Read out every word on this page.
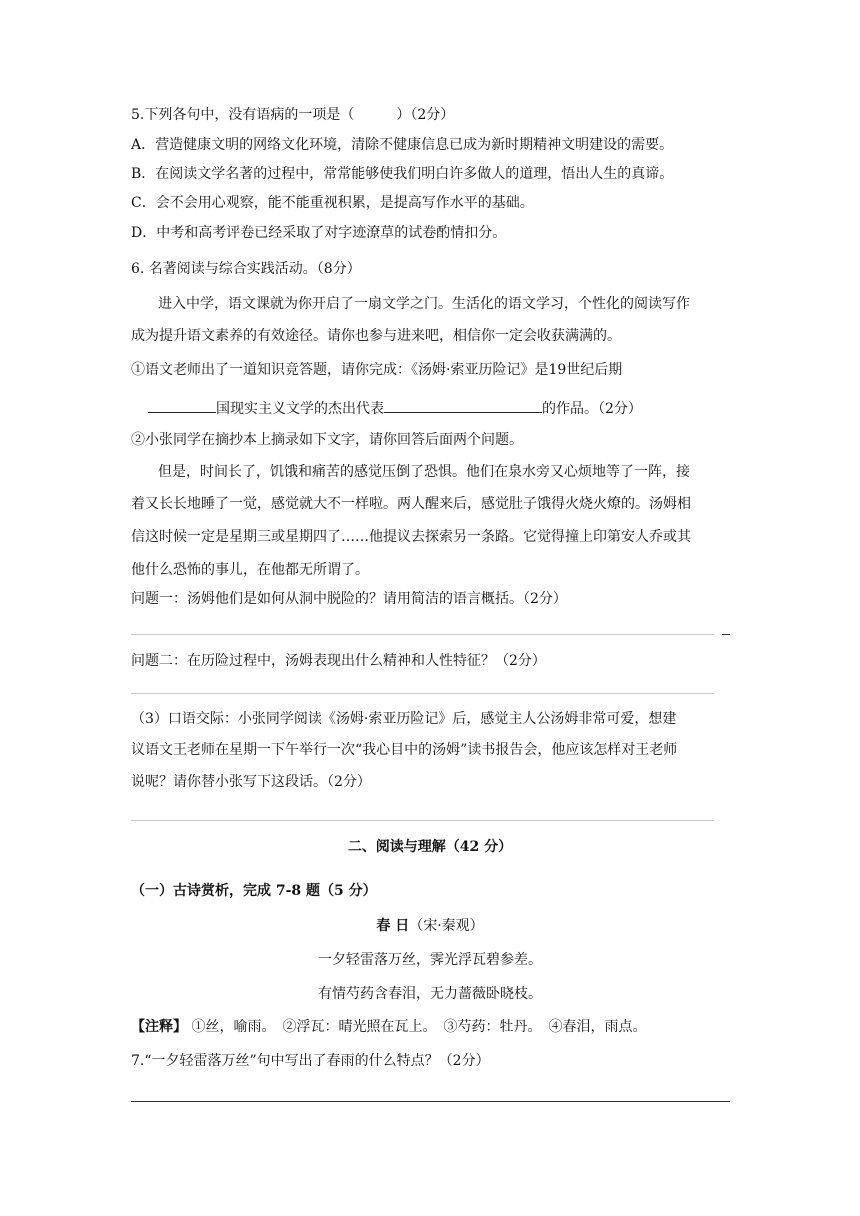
5.下列各句中，没有语病的一项是（　　　）（2分）
A．营造健康文明的网络文化环境，清除不健康信息已成为新时期精神文明建设的需要。
B．在阅读文学名著的过程中，常常能够使我们明白许多做人的道理，悟出人生的真谛。
C．会不会用心观察，能不能重视积累，是提高写作水平的基础。
D．中考和高考评卷已经采取了对字迹潦草的试卷酌情扣分。
6. 名著阅读与综合实践活动。（8分）
进入中学，语文课就为你开启了一扇文学之门。生活化的语文学习，个性化的阅读写作
成为提升语文素养的有效途径。请你也参与进来吧，相信你一定会收获满满的。
①语文老师出了一道知识竞答题，请你完成：《汤姆·索亚历险记》是19世纪后期
国现实主义文学的杰出代表	的作品。（2分）
②小张同学在摘抄本上摘录如下文字，请你回答后面两个问题。
但是，时间长了，饥饿和痛苦的感觉压倒了恐惧。他们在泉水旁又心烦地等了一阵，接
着又长长地睡了一觉，感觉就大不一样啦。两人醒来后，感觉肚子饿得火烧火燎的。汤姆相
信这时候一定是星期三或星期四了……他提议去探索另一条路。它觉得撞上印第安人乔或其
他什么恐怖的事儿，在他都无所谓了。
问题一：汤姆他们是如何从洞中脱险的？请用简洁的语言概括。（2分）
问题二：在历险过程中，汤姆表现出什么精神和人性特征？（2分）
（3）口语交际：小张同学阅读《汤姆·索亚历险记》后，感觉主人公汤姆非常可爱，想建
议语文王老师在星期一下午举行一次“我心目中的汤姆”读书报告会，他应该怎样对王老师
说呢？请你替小张写下这段话。（2分）
二、阅读与理解（42 分）
（一）古诗赏析，完成 7-8 题（5 分）
春 日（宋·秦观）
一夕轻雷落万丝，霁光浮瓦碧参差。
有情芍药含春泪，无力蔷薇卧晓枝。
【注释】 ①丝，喻雨。　②浮瓦：晴光照在瓦上。　③芍药：牡丹。　④春泪，雨点。
7.“一夕轻雷落万丝”句中写出了春雨的什么特点？（2分）
